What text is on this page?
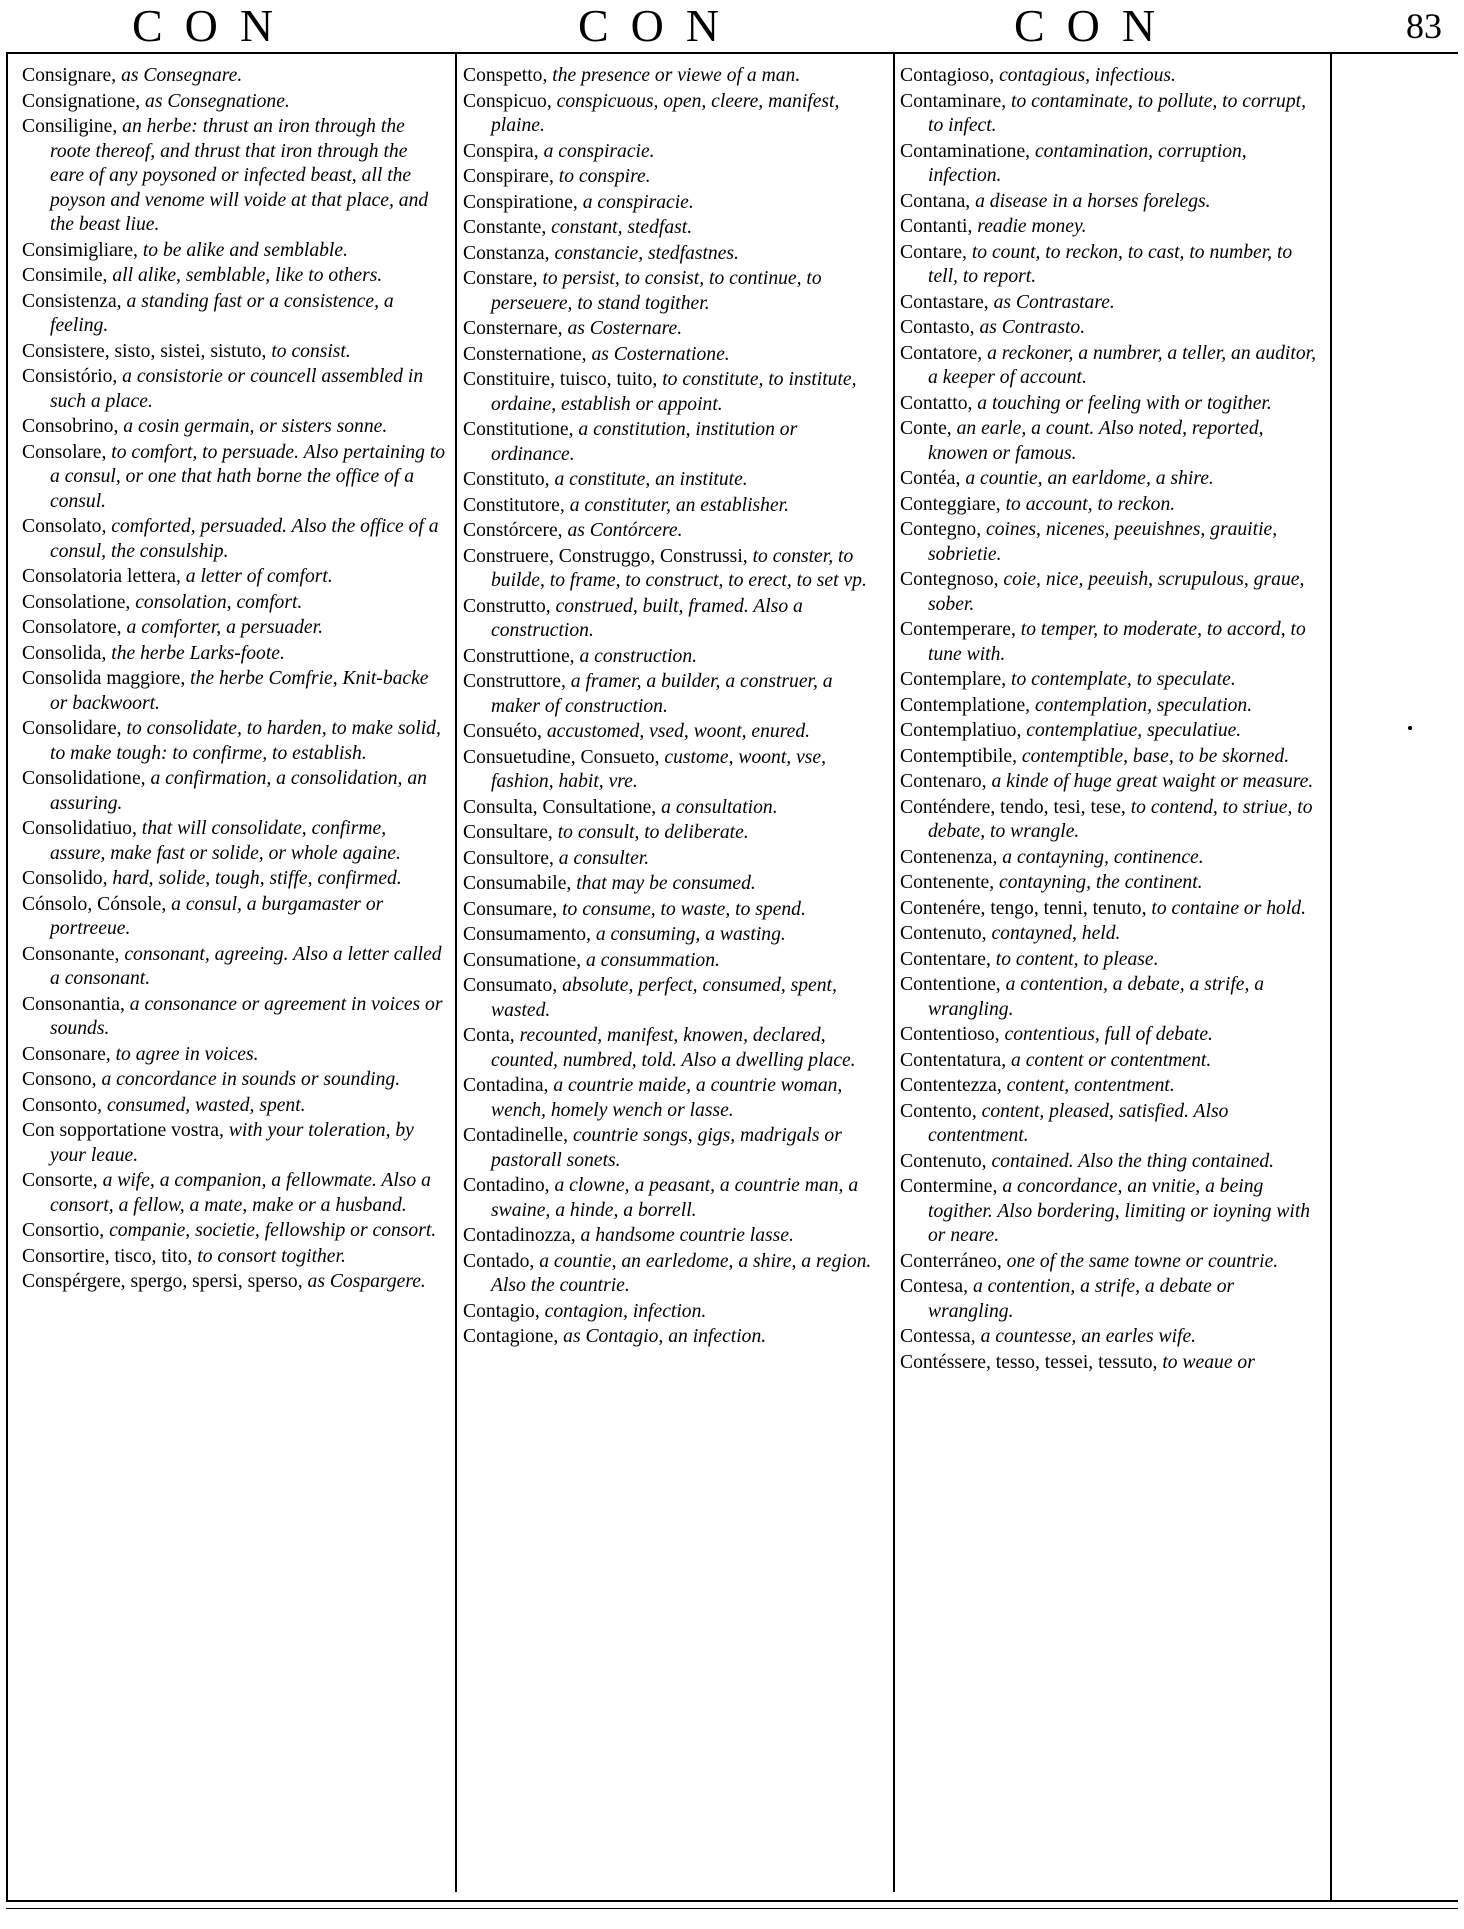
CON	CON	CON	83
Consignare, as Consegnare.
Consignatione, as Consegnatione.
Consiligine, an herbe: thrust an iron through the roote thereof, and thrust that iron through the eare of any poysoned or infected beast, all the poyson and venome will voide at that place, and the beast liue.
Consimigliare, to be alike and semblable.
Consimile, all alike, semblable, like to others.
Consistenza, a standing fast or a consistence, a feeling.
Consistere, sisto, sistei, sistuto, to consist.
Consistório, a consistorie or councell assembled in such a place.
Consobrino, a cosin germain, or sisters sonne.
Consolare, to comfort, to persuade. Also pertaining to a consul, or one that hath borne the office of a consul.
Consolato, comforted, persuaded. Also the office of a consul, the consulship.
Consolatoria lettera, a letter of comfort.
Consolatione, consolation, comfort.
Consolatore, a comforter, a persuader.
Consolida, the herbe Larks-foote.
Consolida maggiore, the herbe Comfrie, Knit-backe or backwoort.
Consolidare, to consolidate, to harden, to make solid, to make tough: to confirme, to establish.
Consolidatione, a confirmation, a consolidation, an assuring.
Consolidatiuo, that will consolidate, confirme, assure, make fast or solide, or whole againe.
Consolido, hard, solide, tough, stiffe, confirmed.
Cónsolo, Cónsole, a consul, a burgamaster or portreeue.
Consonante, consonant, agreeing. Also a letter called a consonant.
Consonantia, a consonance or agreement in voices or sounds.
Consonare, to agree in voices.
Consono, a concordance in sounds or sounding.
Consonto, consumed, wasted, spent.
Con sopportatione vostra, with your toleration, by your leaue.
Consorte, a wife, a companion, a fellowmate. Also a consort, a fellow, a mate, make or a husband.
Consortio, companie, societie, fellowship or consort.
Consortire, tisco, tito, to consort togither.
Conspérgere, spergo, spersi, sperso, as Cospargere.
Conspetto, the presence or viewe of a man.
Conspicuo, conspicuous, open, cleere, manifest, plaine.
Conspira, a conspiracie.
Conspirare, to conspire.
Conspiratione, a conspiracie.
Constante, constant, stedfast.
Constanza, constancie, stedfastnes.
Constare, to persist, to consist, to continue, to perseuere, to stand togither.
Consternare, as Costernare.
Consternatione, as Costernatione.
Constituire, tuisco, tuito, to constitute, to institute, ordaine, establish or appoint.
Constitutione, a constitution, institution or ordinance.
Constituto, a constitute, an institute.
Constitutore, a constituter, an establisher.
Constórcere, as Contórcere.
Construere, Construggo, Construssi, to conster, to builde, to frame, to construct, to erect, to set vp.
Construtto, construed, built, framed. Also a construction.
Construttione, a construction.
Construttore, a framer, a builder, a construer, a maker of construction.
Consuéto, accustomed, vsed, woont, enured.
Consuetudine, Consueto, custome, woont, vse, fashion, habit, vre.
Consulta, Consultatione, a consultation.
Consultare, to consult, to deliberate.
Consultore, a consulter.
Consumabile, that may be consumed.
Consumare, to consume, to waste, to spend.
Consumamento, a consuming, a wasting.
Consumatione, a consummation.
Consumato, absolute, perfect, consumed, spent, wasted.
Conta, recounted, manifest, knowen, declared, counted, numbred, told. Also a dwelling place.
Contadina, a countrie maide, a countrie woman, wench, homely wench or lasse.
Contadinelle, countrie songs, gigs, madrigals or pastorall sonets.
Contadino, a clowne, a peasant, a countrie man, a swaine, a hinde, a borrell.
Contadinozza, a handsome countrie lasse.
Contado, a countie, an earledome, a shire, a region. Also the countrie.
Contagio, contagion, infection.
Contagione, as Contagio, an infection.
Contagioso, contagious, infectious.
Contaminare, to contaminate, to pollute, to corrupt, to infect.
Contaminatione, contamination, corruption, infection.
Contana, a disease in a horses forelegs.
Contanti, readie money.
Contare, to count, to reckon, to cast, to number, to tell, to report.
Contastare, as Contrastare.
Contasto, as Contrasto.
Contatore, a reckoner, a numbrer, a teller, an auditor, a keeper of account.
Contatto, a touching or feeling with or togither.
Conte, an earle, a count. Also noted, reported, knowen or famous.
Contéa, a countie, an earldome, a shire.
Conteggiare, to account, to reckon.
Contegno, coines, nicenes, peeuishnes, grauitie, sobrietie.
Contegnoso, coie, nice, peeuish, scrupulous, graue, sober.
Contemperare, to temper, to moderate, to accord, to tune with.
Contemplare, to contemplate, to speculate.
Contemplatione, contemplation, speculation.
Contemplatiuo, contemplatiue, speculatiue.
Contemptibile, contemptible, base, to be skorned.
Contenaro, a kinde of huge great waight or measure.
Conténdere, tendo, tesi, tese, to contend, to striue, to debate, to wrangle.
Contenenza, a contayning, continence.
Contenente, contayning, the continent.
Contenére, tengo, tenni, tenuto, to containe or hold.
Contenuto, contayned, held.
Contentare, to content, to please.
Contentione, a contention, a debate, a strife, a wrangling.
Contentioso, contentious, full of debate.
Contentatura, a content or contentment.
Contentezza, content, contentment.
Contento, content, pleased, satisfied. Also contentment.
Contenuto, contained. Also the thing contained.
Contermine, a concordance, an vnitie, a being togither. Also bordering, limiting or ioyning with or neare.
Conterráneo, one of the same towne or countrie.
Contesa, a contention, a strife, a debate or wrangling.
Contessa, a countesse, an earles wife.
Contéssere, tesso, tessei, tessuto, to weaue or
